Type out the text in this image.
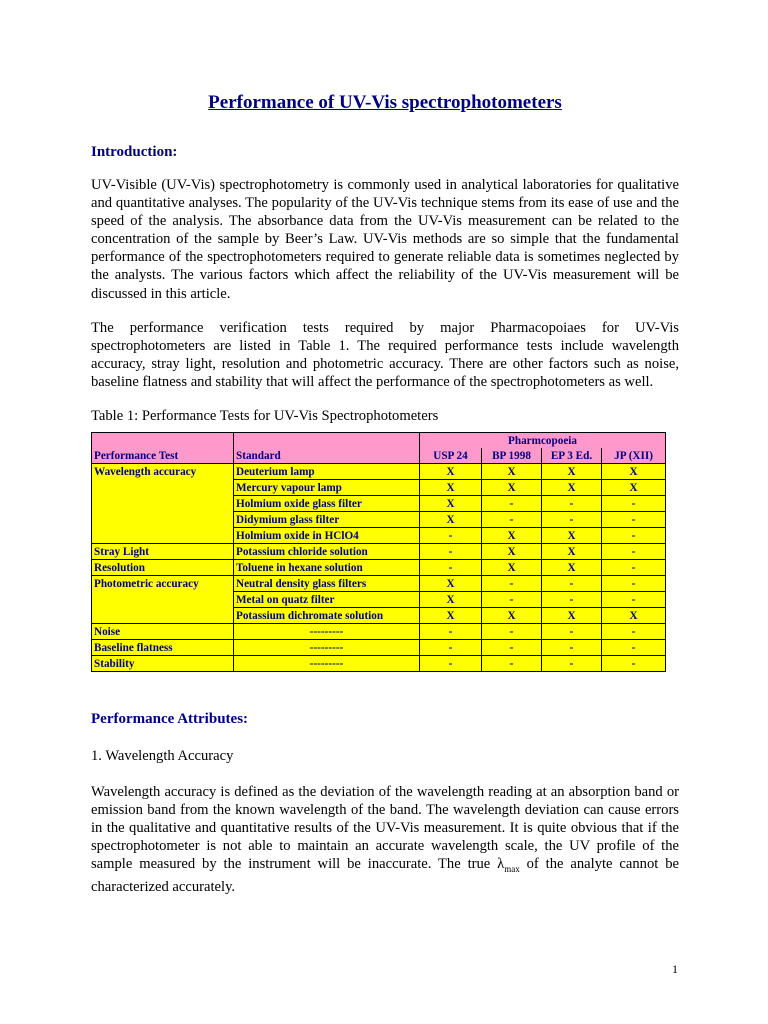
Performance of UV-Vis spectrophotometers
Introduction:

UV-Visible (UV-Vis) spectrophotometry is commonly used in analytical laboratories for qualitative and quantitative analyses. The popularity of the UV-Vis technique stems from its ease of use and the speed of the analysis. The absorbance data from the UV-Vis measurement can be related to the concentration of the sample by Beer’s Law. UV-Vis methods are so simple that the fundamental performance of the spectrophotometers required to generate reliable data is sometimes neglected by the analysts. The various factors which affect the reliability of the UV-Vis measurement will be discussed in this article.

The performance verification tests required by major Pharmacopoiaes for UV-Vis spectrophotometers are listed in Table 1. The required performance tests include wavelength accuracy, stray light, resolution and photometric accuracy. There are other factors such as noise, baseline flatness and stability that will affect the performance of the spectrophotometers as well.

Table 1: Performance Tests for UV-Vis Spectrophotometers

		Pharmcopoeia			
Performance Test	Standard	USP 24	BP 1998	EP 3 Ed.	JP (XII)
Wavelength accuracy	Deuterium lamp	X	X	X	X
	Mercury vapour lamp	X	X	X	X
	Holmium oxide glass filter	X	-	-	-
	Didymium glass filter	X	-	-	-
	Holmium oxide in HClO4	-	X	X	-
Stray Light	Potassium chloride solution	-	X	X	-
Resolution	Toluene in hexane solution	-	X	X	-
Photometric accuracy	Neutral density glass filters	X	-	-	-
	Metal on quatz filter	X	-	-	-
	Potassium dichromate solution	X	X	X	X
Noise	---------	-	-	-	-
Baseline flatness	---------	-	-	-	-
Stability	---------	-	-	-	-
Performance Attributes:

1. Wavelength Accuracy

Wavelength accuracy is defined as the deviation of the wavelength reading at an absorption band or emission band from the known wavelength of the band. The wavelength deviation can cause errors in the qualitative and quantitative results of the UV-Vis measurement. It is quite obvious that if the spectrophotometer is not able to maintain an accurate wavelength scale, the UV profile of the sample measured by the instrument will be inaccurate. The true $\lambda_{max}$ of the analyte cannot be characterized accurately.

1
